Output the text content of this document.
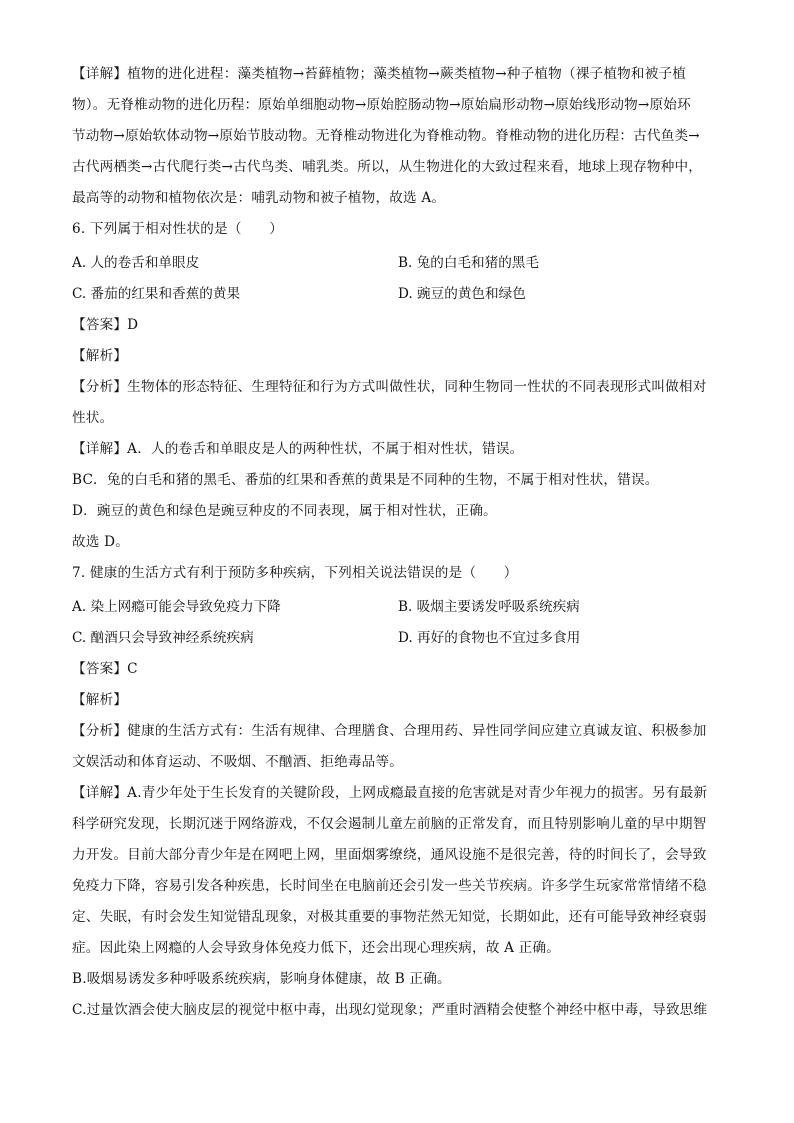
【详解】植物的进化进程：藻类植物→苔藓植物；藻类植物→蕨类植物→种子植物（裸子植物和被子植
物）。无脊椎动物的进化历程：原始单细胞动物→原始腔肠动物→原始扁形动物→原始线形动物→原始环
节动物→原始软体动物→原始节肢动物。无脊椎动物进化为脊椎动物。脊椎动物的进化历程：古代鱼类→
古代两栖类→古代爬行类→古代鸟类、哺乳类。所以，从生物进化的大致过程来看，地球上现存物种中，
最高等的动物和植物依次是：哺乳动物和被子植物，故选 A。
6. 下列属于相对性状的是（　　）
A. 人的卷舌和单眼皮	B. 兔的白毛和猪的黑毛
C. 番茄的红果和香蕉的黄果	D. 豌豆的黄色和绿色
【答案】D
【解析】
【分析】生物体的形态特征、生理特征和行为方式叫做性状，同种生物同一性状的不同表现形式叫做相对
性状。
【详解】A．人的卷舌和单眼皮是人的两种性状，不属于相对性状，错误。
BC．兔的白毛和猪的黑毛、番茄的红果和香蕉的黄果是不同种的生物，不属于相对性状，错误。
D．豌豆的黄色和绿色是豌豆种皮的不同表现，属于相对性状，正确。
故选 D。
7. 健康的生活方式有利于预防多种疾病，下列相关说法错误的是（　　）
A. 染上网瘾可能会导致免疫力下降	B. 吸烟主要诱发呼吸系统疾病
C. 酗酒只会导致神经系统疾病	D. 再好的食物也不宜过多食用
【答案】C
【解析】
【分析】健康的生活方式有：生活有规律、合理膳食、合理用药、异性同学间应建立真诚友谊、积极参加
文娱活动和体育运动、不吸烟、不酗酒、拒绝毒品等。
【详解】A.青少年处于生长发育的关键阶段，上网成瘾最直接的危害就是对青少年视力的损害。另有最新
科学研究发现，长期沉迷于网络游戏，不仅会遏制儿童左前脑的正常发育，而且特别影响儿童的早中期智
力开发。目前大部分青少年是在网吧上网，里面烟雾缭绕，通风设施不是很完善，待的时间长了，会导致
免疫力下降，容易引发各种疾患，长时间坐在电脑前还会引发一些关节疾病。许多学生玩家常常情绪不稳
定、失眠，有时会发生知觉错乱现象，对极其重要的事物茫然无知觉，长期如此，还有可能导致神经衰弱
症。因此染上网瘾的人会导致身体免疫力低下，还会出现心理疾病，故 A 正确。
B.吸烟易诱发多种呼吸系统疾病，影响身体健康，故 B 正确。
C.过量饮酒会使大脑皮层的视觉中枢中毒，出现幻觉现象；严重时酒精会使整个神经中枢中毒，导致思维
